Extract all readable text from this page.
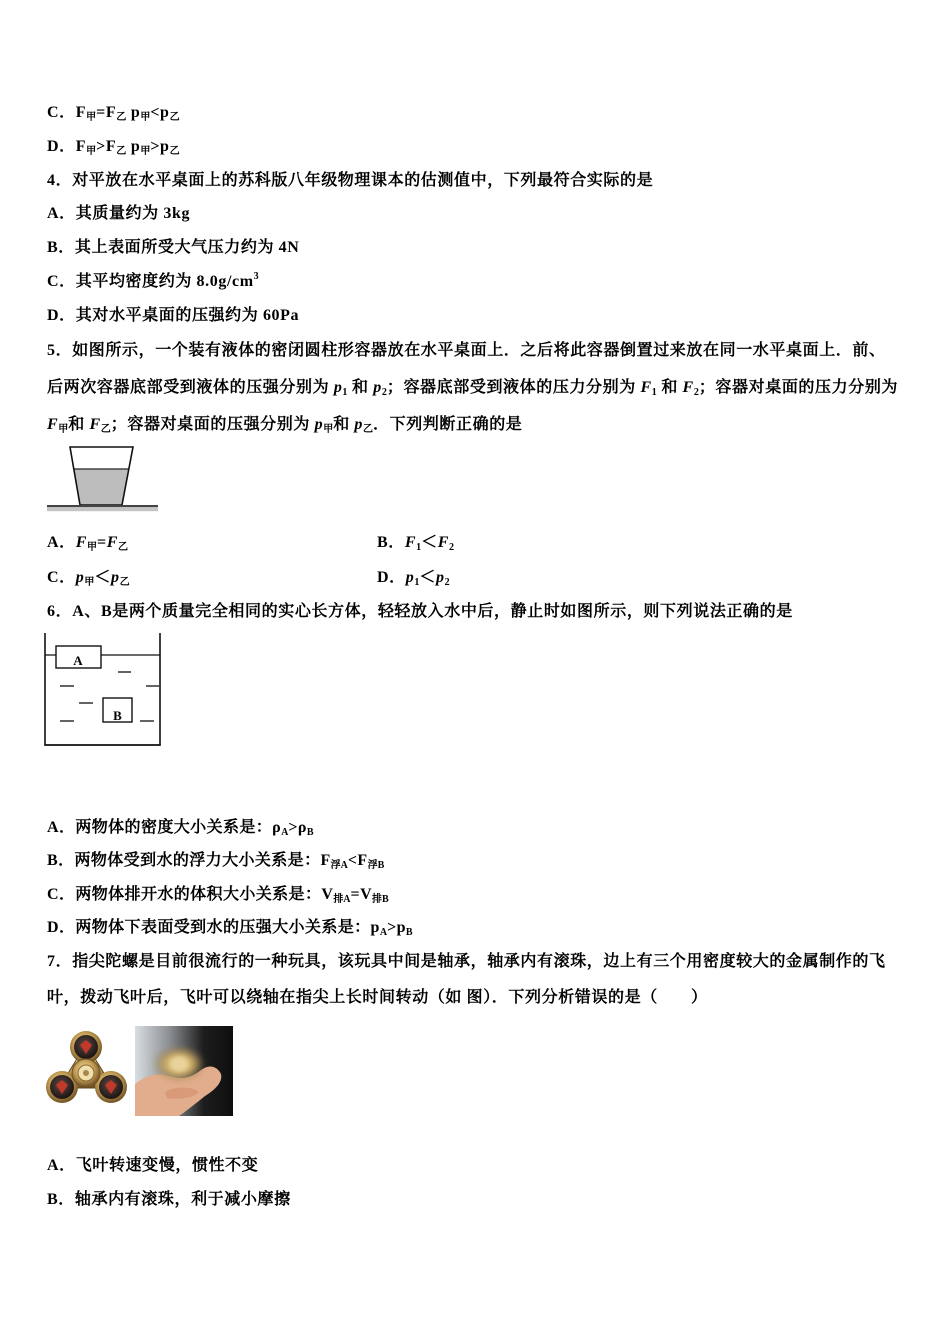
C．$F_甲=F_乙$ $p_甲<p_乙$
D．$F_甲>F_乙$ $p_甲>p_乙$
4．对平放在水平桌面上的苏科版八年级物理课本的估测值中，下列最符合实际的是
A．其质量约为 3kg
B．其上表面所受大气压力约为 4N
C．其平均密度约为 $8.0g/cm^3$
D．其对水平桌面的压强约为 60Pa
5．如图所示，一个装有液体的密闭圆柱形容器放在水平桌面上．之后将此容器倒置过来放在同一水平桌面上．前、
后两次容器底部受到液体的压强分别为 $p_1$ 和 $p_2$；容器底部受到液体的压力分别为 $F_1$ 和 $F_2$；容器对桌面的压力分别为
$F_甲$和 $F_乙$；容器对桌面的压强分别为 $p_甲$和 $p_乙$．下列判断正确的是
A．$F_甲=F_乙$	B．$F_1<F_2$
C．$p_甲<p_乙$	D．$p_1<p_2$
6．A、B是两个质量完全相同的实心长方体，轻轻放入水中后，静止时如图所示，则下列说法正确的是
A
B
A．两物体的密度大小关系是：$\rho_A>\rho_B$
B．两物体受到水的浮力大小关系是：$F_{浮A}<F_{浮B}$
C．两物体排开水的体积大小关系是：$V_{排A}=V_{排B}$
D．两物体下表面受到水的压强大小关系是：$p_A>p_B$
7．指尖陀螺是目前很流行的一种玩具，该玩具中间是轴承，轴承内有滚珠，边上有三个用密度较大的金属制作的飞
叶，拨动飞叶后，飞叶可以绕轴在指尖上长时间转动（如 图）．下列分析错误的是（　　）
A．飞叶转速变慢，惯性不变
B．轴承内有滚珠，利于减小摩擦
